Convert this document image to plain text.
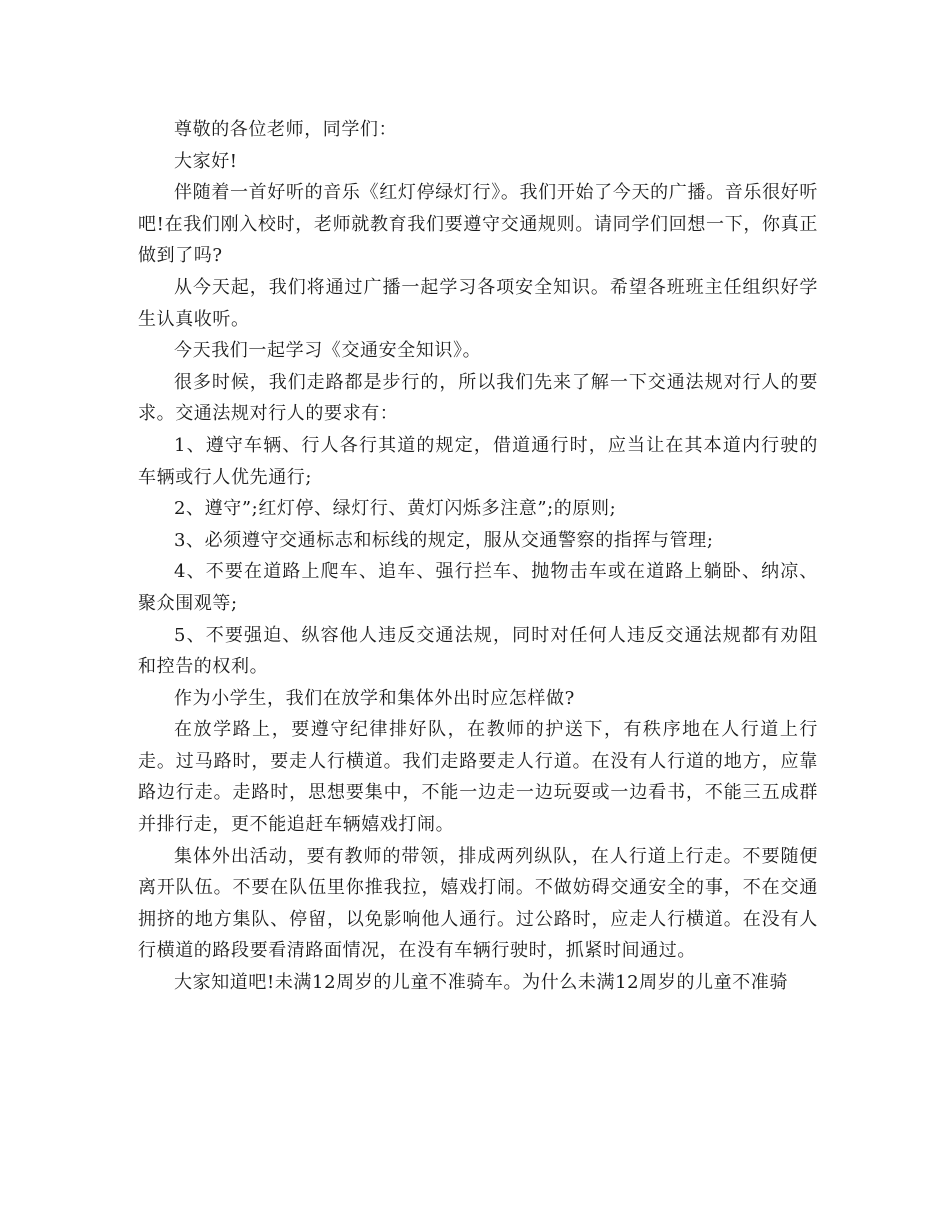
尊敬的各位老师，同学们：

大家好!

伴随着一首好听的音乐《红灯停绿灯行》。我们开始了今天的广播。音乐很好听吧!在我们刚入校时，老师就教育我们要遵守交通规则。请同学们回想一下，你真正做到了吗?

从今天起，我们将通过广播一起学习各项安全知识。希望各班班主任组织好学生认真收听。

今天我们一起学习《交通安全知识》。

很多时候，我们走路都是步行的，所以我们先来了解一下交通法规对行人的要求。交通法规对行人的要求有：

1、遵守车辆、行人各行其道的规定，借道通行时，应当让在其本道内行驶的车辆或行人优先通行;

2、遵守”;红灯停、绿灯行、黄灯闪烁多注意”;的原则;

3、必须遵守交通标志和标线的规定，服从交通警察的指挥与管理;

4、不要在道路上爬车、追车、强行拦车、抛物击车或在道路上躺卧、纳凉、聚众围观等;

5、不要强迫、纵容他人违反交通法规，同时对任何人违反交通法规都有劝阻和控告的权利。

作为小学生，我们在放学和集体外出时应怎样做?

在放学路上，要遵守纪律排好队，在教师的护送下，有秩序地在人行道上行走。过马路时，要走人行横道。我们走路要走人行道。在没有人行道的地方，应靠路边行走。走路时，思想要集中，不能一边走一边玩耍或一边看书，不能三五成群并排行走，更不能追赶车辆嬉戏打闹。

集体外出活动，要有教师的带领，排成两列纵队，在人行道上行走。不要随便离开队伍。不要在队伍里你推我拉，嬉戏打闹。不做妨碍交通安全的事，不在交通拥挤的地方集队、停留，以免影响他人通行。过公路时，应走人行横道。在没有人行横道的路段要看清路面情况，在没有车辆行驶时，抓紧时间通过。

大家知道吧!未满12周岁的儿童不准骑车。为什么未满12周岁的儿童不准骑
